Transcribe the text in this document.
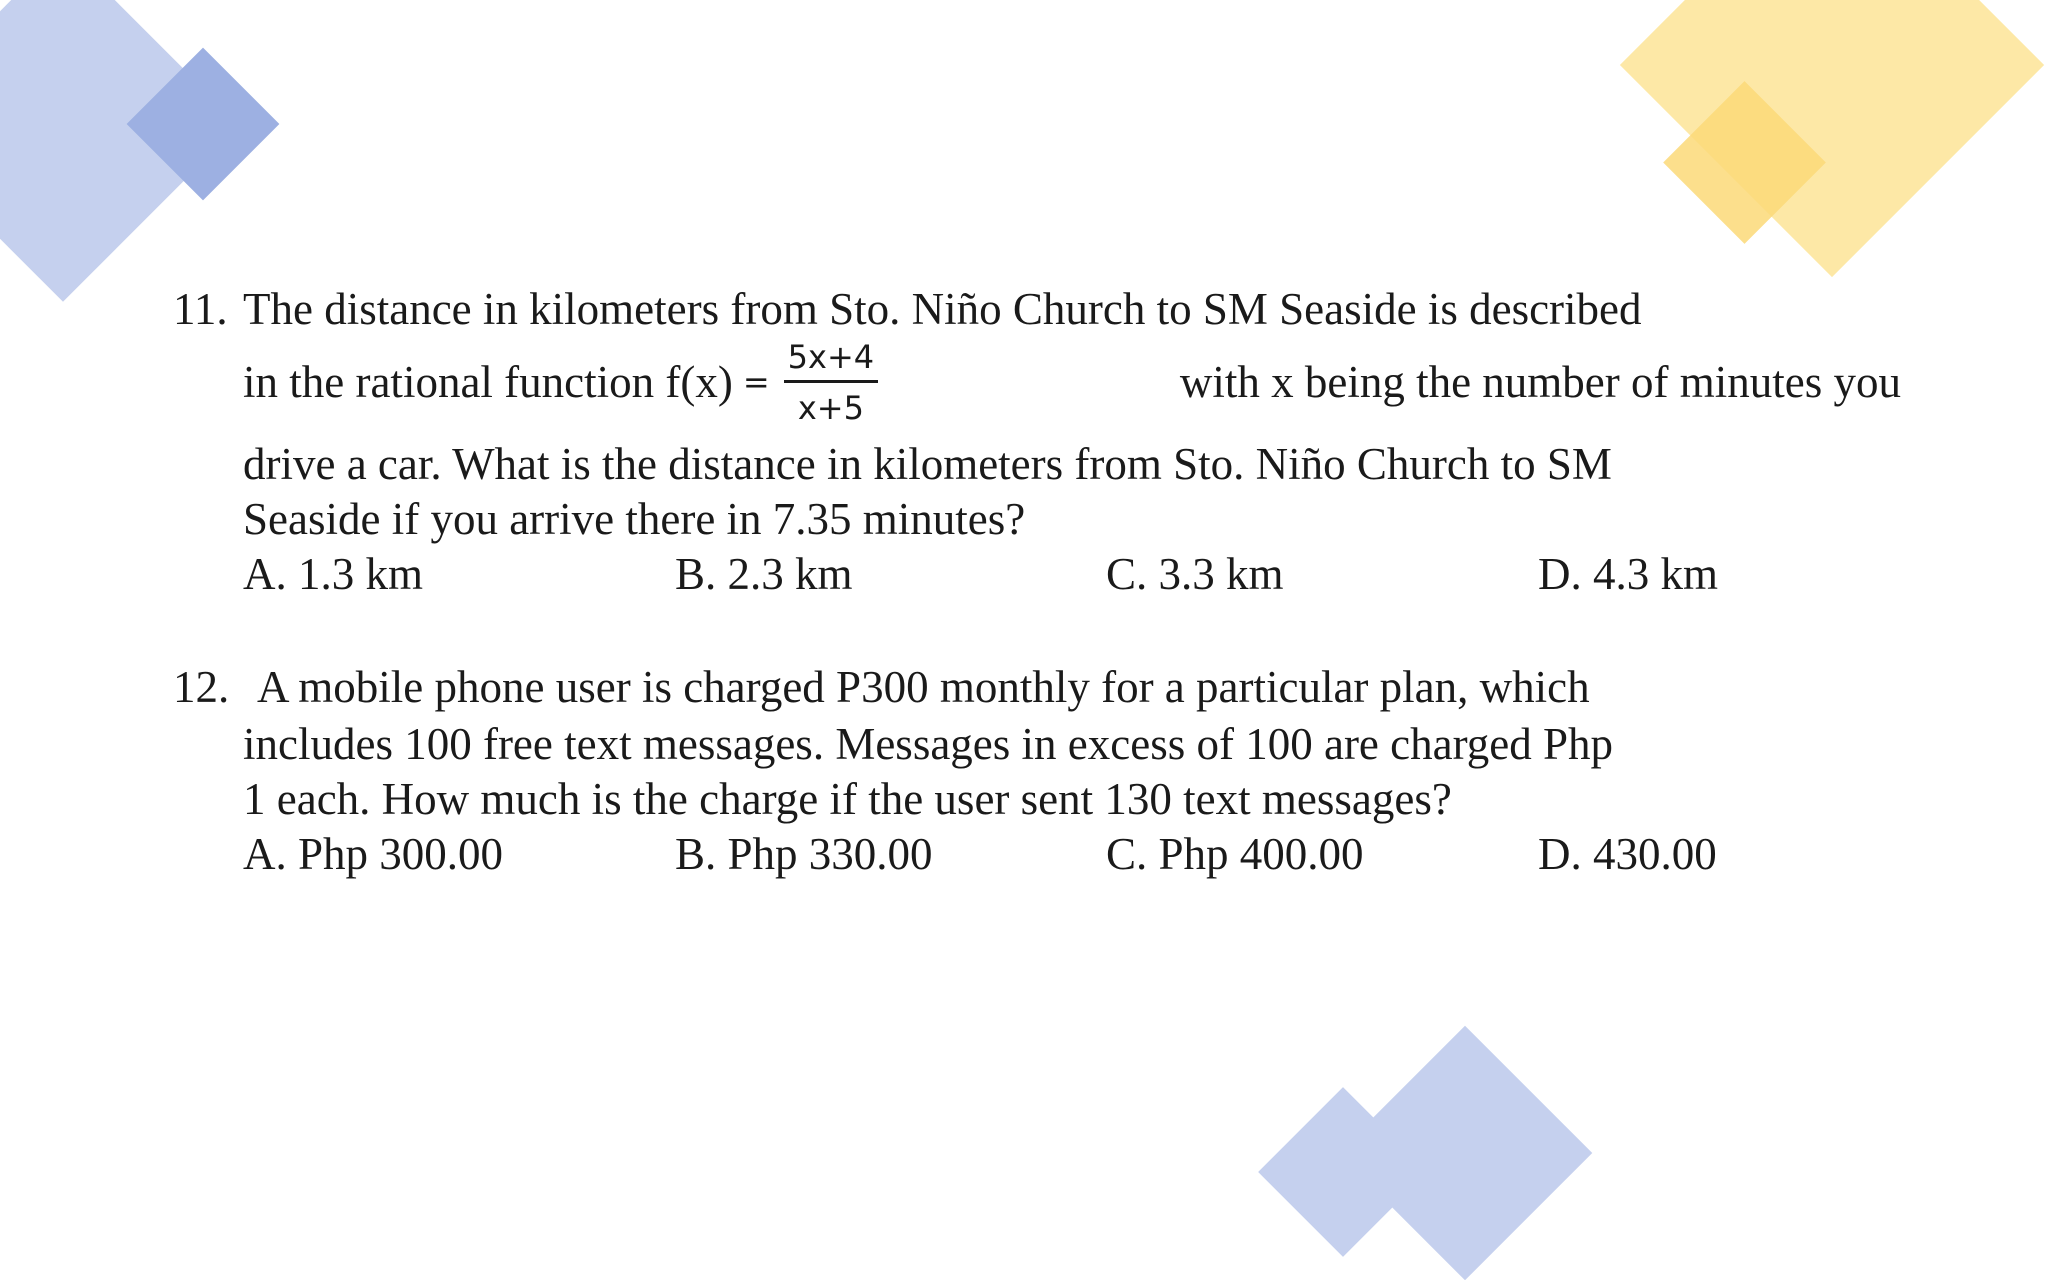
11. The distance in kilometers from Sto. Niño Church to SM Seaside is described
in the rational function $f(x) = \frac{5x+4}{x+5}$	with x being the number of minutes you
drive a car. What is the distance in kilometers from Sto. Niño Church to SM
Seaside if you arrive there in 7.35 minutes?
A. 1.3 km	B. 2.3 km	C. 3.3 km	D. 4.3 km
12. A mobile phone user is charged P300 monthly for a particular plan, which
includes 100 free text messages. Messages in excess of 100 are charged Php
1 each. How much is the charge if the user sent 130 text messages?
A. Php 300.00	B. Php 330.00	C. Php 400.00	D. 430.00
